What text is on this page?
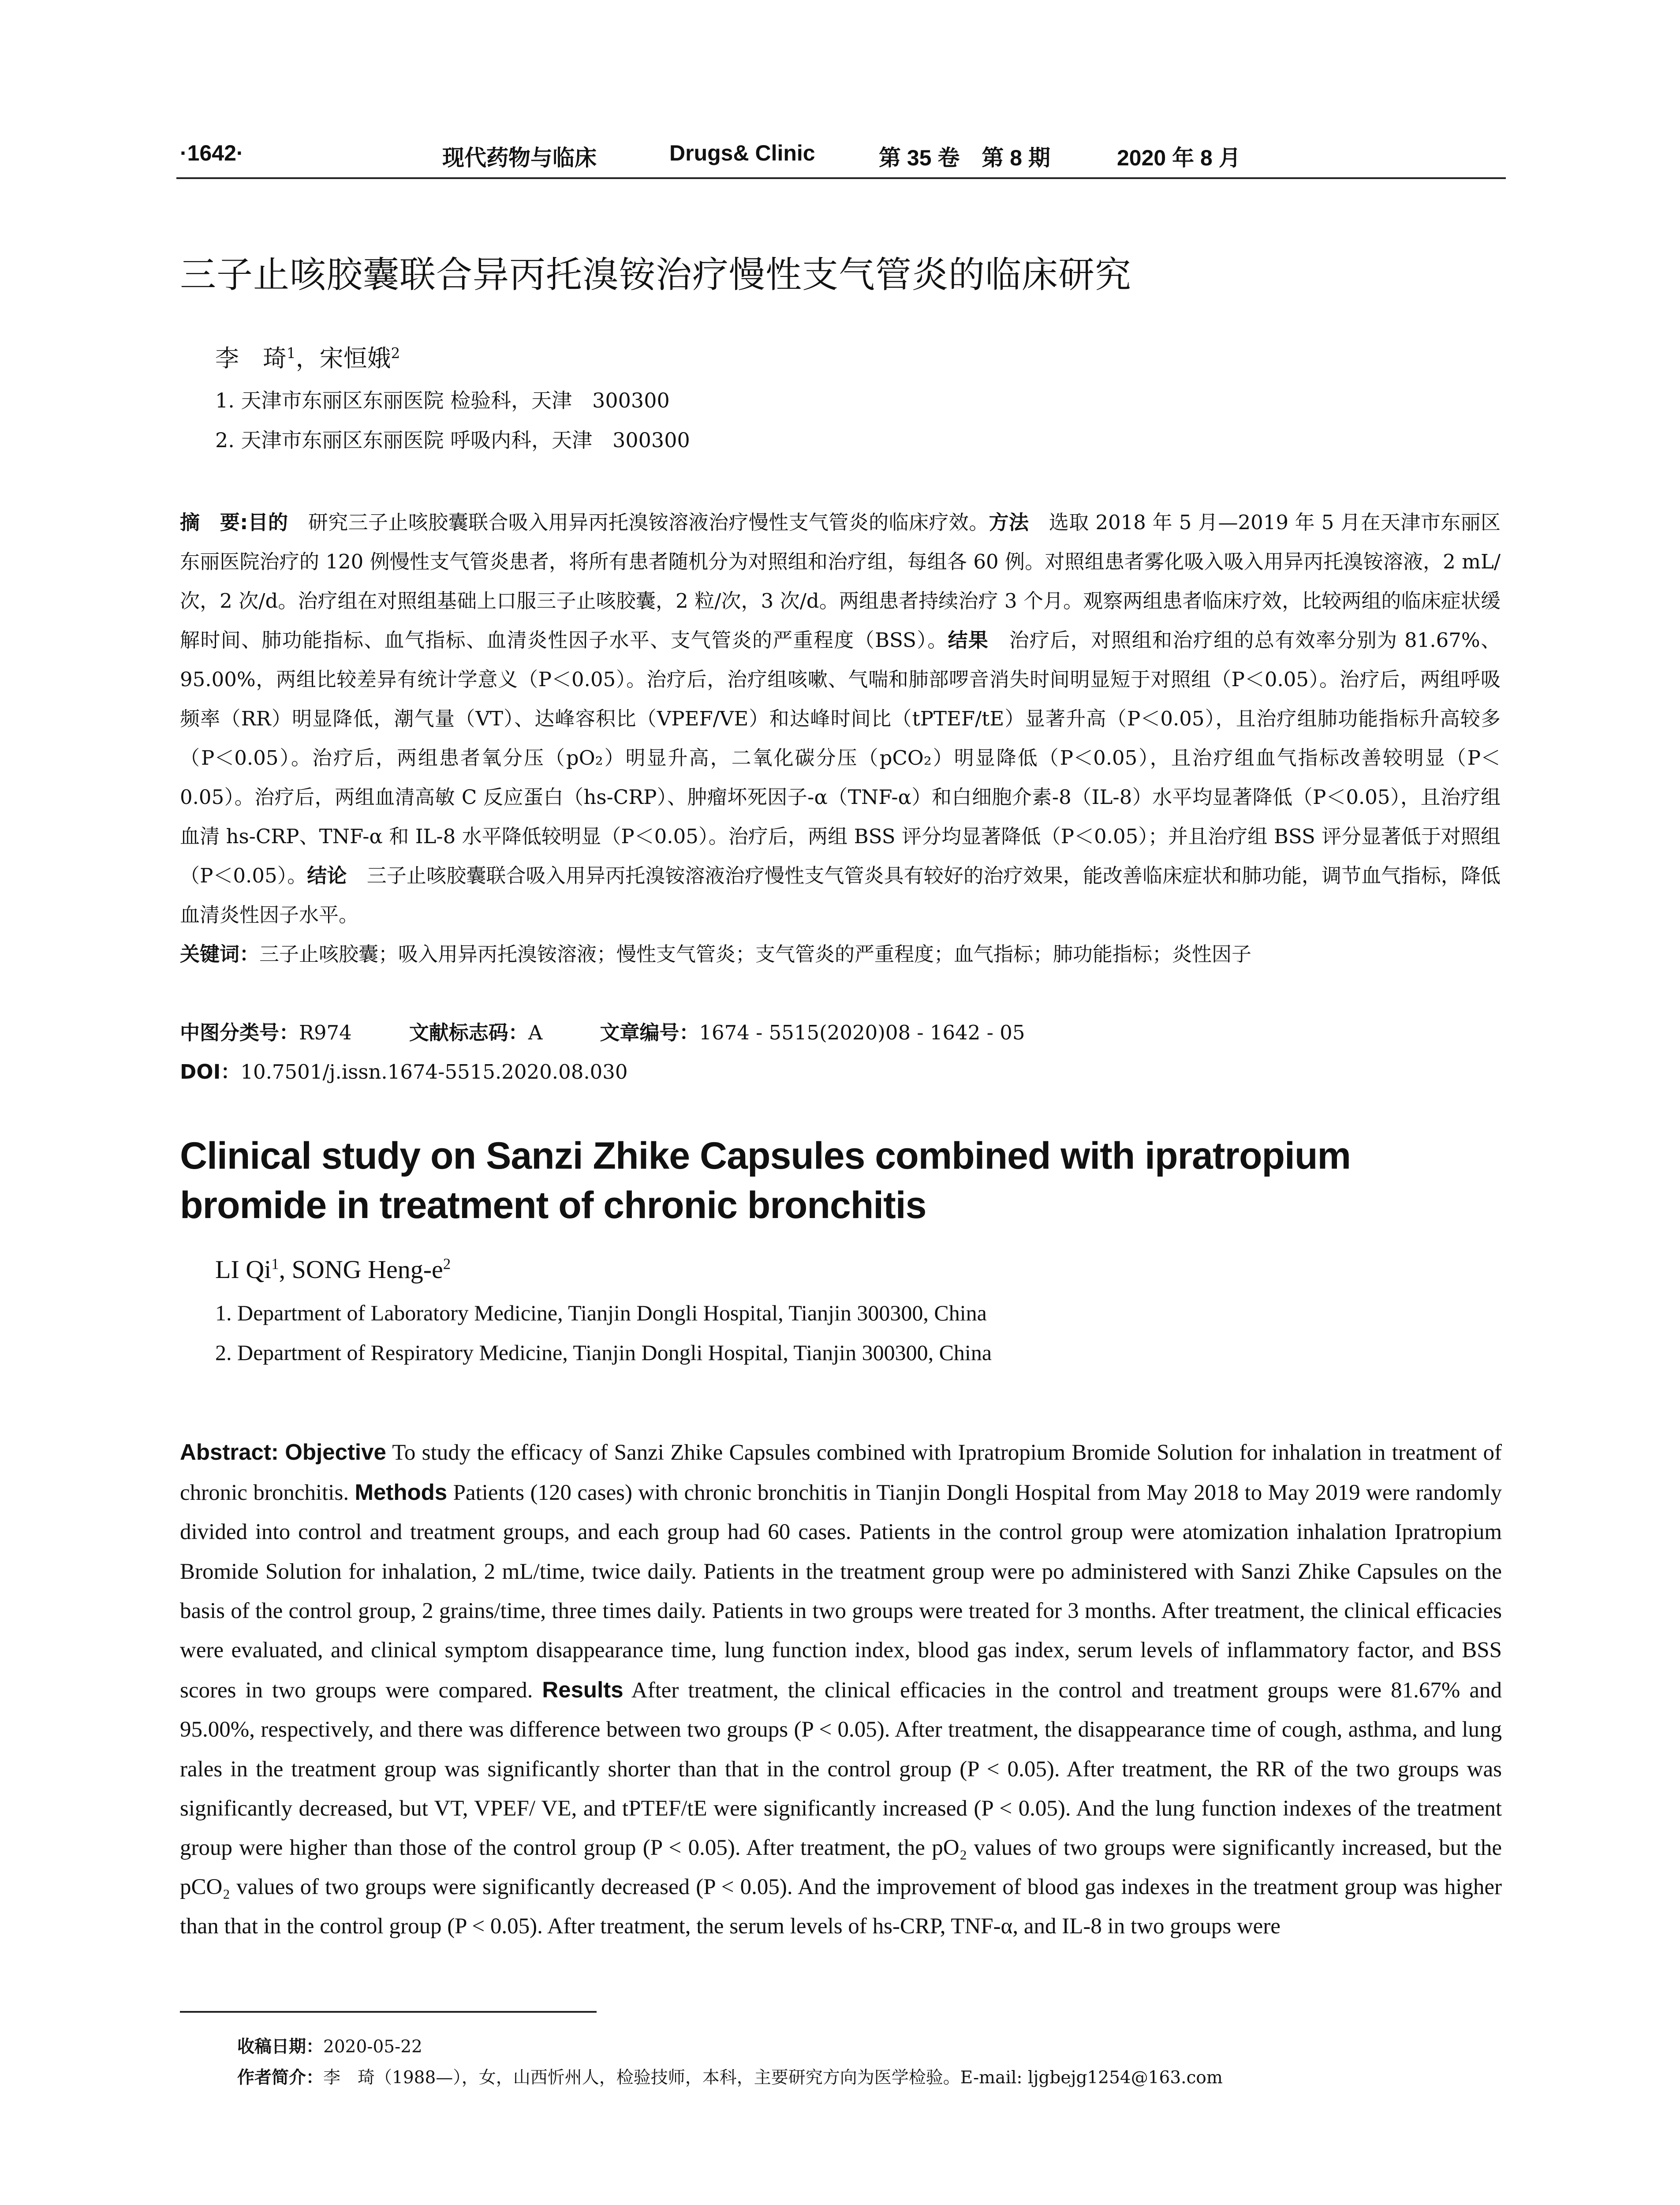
·1642·	现代药物与临床	Drugs& Clinic	第 35 卷　第 8 期	2020 年 8 月
三子止咳胶囊联合异丙托溴铵治疗慢性支气管炎的临床研究
李　琦$^1$，宋恒娥$^2$
1. 天津市东丽区东丽医院 检验科，天津　300300
2. 天津市东丽区东丽医院 呼吸内科，天津　300300
摘　要:目的　研究三子止咳胶囊联合吸入用异丙托溴铵溶液治疗慢性支气管炎的临床疗效。方法　选取 2018 年 5 月—2019 年 5 月在天津市东丽区东丽医院治疗的 120 例慢性支气管炎患者，将所有患者随机分为对照组和治疗组，每组各 60 例。对照组患者雾化吸入吸入用异丙托溴铵溶液，2 mL/次，2 次/d。治疗组在对照组基础上口服三子止咳胶囊，2 粒/次，3 次/d。两组患者持续治疗 3 个月。观察两组患者临床疗效，比较两组的临床症状缓解时间、肺功能指标、血气指标、血清炎性因子水平、支气管炎的严重程度（BSS）。结果　治疗后，对照组和治疗组的总有效率分别为 81.67%、95.00%，两组比较差异有统计学意义（P＜0.05）。治疗后，治疗组咳嗽、气喘和肺部啰音消失时间明显短于对照组（P＜0.05）。治疗后，两组呼吸频率（RR）明显降低，潮气量（VT）、达峰容积比（VPEF/VE）和达峰时间比（tPTEF/tE）显著升高（P＜0.05），且治疗组肺功能指标升高较多（P＜0.05）。治疗后，两组患者氧分压（pO₂）明显升高，二氧化碳分压（pCO₂）明显降低（P＜0.05），且治疗组血气指标改善较明显（P＜0.05）。治疗后，两组血清高敏 C 反应蛋白（hs-CRP）、肿瘤坏死因子-α（TNF-α）和白细胞介素-8（IL-8）水平均显著降低（P＜0.05），且治疗组血清 hs-CRP、TNF-α 和 IL-8 水平降低较明显（P＜0.05）。治疗后，两组 BSS 评分均显著降低（P＜0.05）；并且治疗组 BSS 评分显著低于对照组（P＜0.05）。结论　三子止咳胶囊联合吸入用异丙托溴铵溶液治疗慢性支气管炎具有较好的治疗效果，能改善临床症状和肺功能，调节血气指标，降低血清炎性因子水平。
关键词：三子止咳胶囊；吸入用异丙托溴铵溶液；慢性支气管炎；支气管炎的严重程度；血气指标；肺功能指标；炎性因子
中图分类号：R974	文献标志码：A	文章编号：1674 - 5515(2020)08 - 1642 - 05
DOI：10.7501/j.issn.1674-5515.2020.08.030
Clinical study on Sanzi Zhike Capsules combined with ipratropium bromide in treatment of chronic bronchitis
LI Qi$^1$, SONG Heng-$e^2$
1. Department of Laboratory Medicine, Tianjin Dongli Hospital, Tianjin 300300, China
2. Department of Respiratory Medicine, Tianjin Dongli Hospital, Tianjin 300300, China
Abstract: Objective To study the efficacy of Sanzi Zhike Capsules combined with Ipratropium Bromide Solution for inhalation in treatment of chronic bronchitis. Methods Patients (120 cases) with chronic bronchitis in Tianjin Dongli Hospital from May 2018 to May 2019 were randomly divided into control and treatment groups, and each group had 60 cases. Patients in the control group were atomization inhalation Ipratropium Bromide Solution for inhalation, 2 mL/time, twice daily. Patients in the treatment group were po administered with Sanzi Zhike Capsules on the basis of the control group, 2 grains/time, three times daily. Patients in two groups were treated for 3 months. After treatment, the clinical efficacies were evaluated, and clinical symptom disappearance time, lung function index, blood gas index, serum levels of inflammatory factor, and BSS scores in two groups were compared. Results After treatment, the clinical efficacies in the control and treatment groups were 81.67% and 95.00%, respectively, and there was difference between two groups (P < 0.05). After treatment, the disappearance time of cough, asthma, and lung rales in the treatment group was significantly shorter than that in the control group (P < 0.05). After treatment, the RR of the two groups was significantly decreased, but VT, VPEF/ VE, and tPTEF/tE were significantly increased (P < 0.05). And the lung function indexes of the treatment group were higher than those of the control group (P < 0.05). After treatment, the pO₂ values of two groups were significantly increased, but the pCO₂ values of two groups were significantly decreased (P < 0.05). And the improvement of blood gas indexes in the treatment group was higher than that in the control group (P < 0.05). After treatment, the serum levels of hs-CRP, TNF-α, and IL-8 in two groups were
收稿日期：2020-05-22
作者简介：李　琦（1988—），女，山西忻州人，检验技师，本科，主要研究方向为医学检验。E-mail: ljgbejg1254@163.com
